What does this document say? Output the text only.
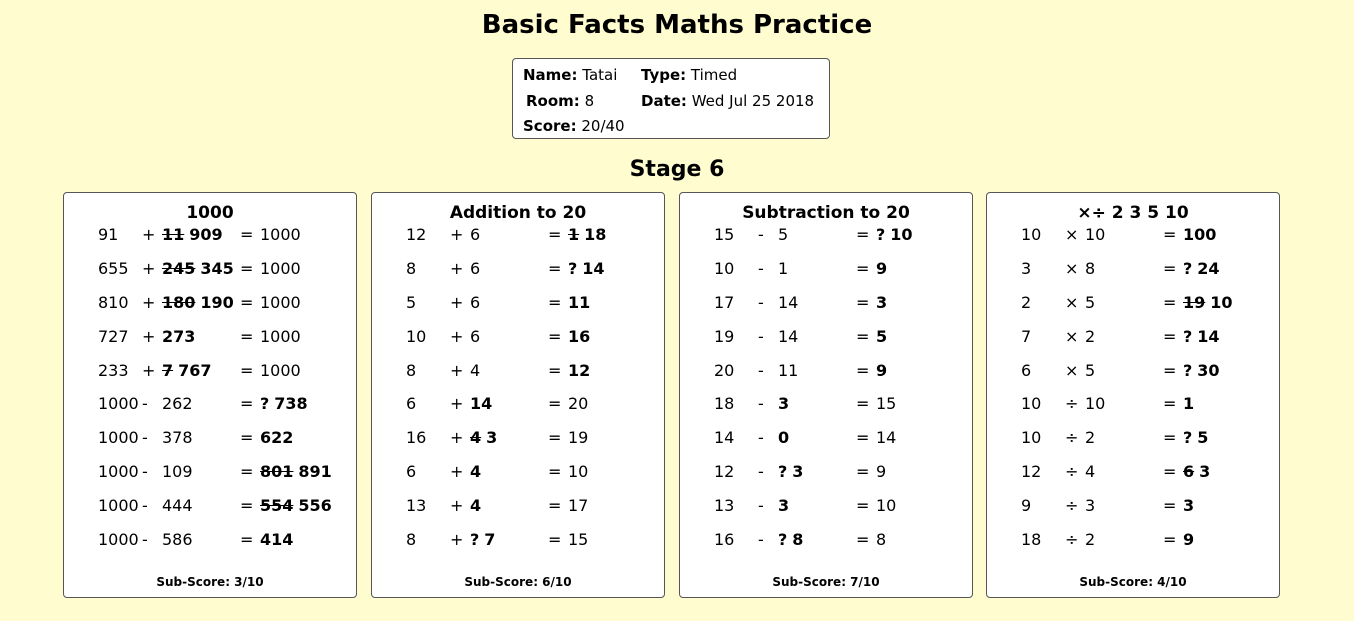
Basic Facts Maths Practice
Name: Tatai Type: Timed
Room: 8	Date: Wed Jul 25 2018
Score: 20/40
Stage 6
1000
91 + 11 909 = 1000
655 + 245 345 = 1000
810 + 180 190 = 1000
727 + 273	= 1000
233 + 7 767 = 1000
1000 - 262	= ? 738
1000 - 378	= 622
1000 - 109	= 801 891
1000 - 444	= 554 556
1000 - 586	= 414
Sub-Score: 3/10
Addition to 20
12 + 6	= 1 18
8 + 6	= ? 14
5 + 6	= 11
10 + 6	= 16
8 + 4	= 12
6 + 14	= 20
16 + 4 3	= 19
6 + 4	= 10
13 + 4	= 17
8 + ? 7	= 15
Sub-Score: 6/10
Subtraction to 20
15 - 5	= ? 10
10 - 1	= 9
17 - 14	= 3
19 - 14	= 5
20 - 11	= 9
18 - 3	= 15
14 - 0	= 14
12 - ? 3	= 9
13 - 3	= 10
16 - ? 8	= 8
Sub-Score: 7/10
×÷ 2 3 5 10
10 × 10	= 100
3 × 8	= ? 24
2 × 5	= 19 10
7 × 2	= ? 14
6 × 5	= ? 30
10 ÷ 10	= 1
10 ÷ 2	= ? 5
12 ÷ 4	= 6 3
9 ÷ 3	= 3
18 ÷ 2	= 9
Sub-Score: 4/10
